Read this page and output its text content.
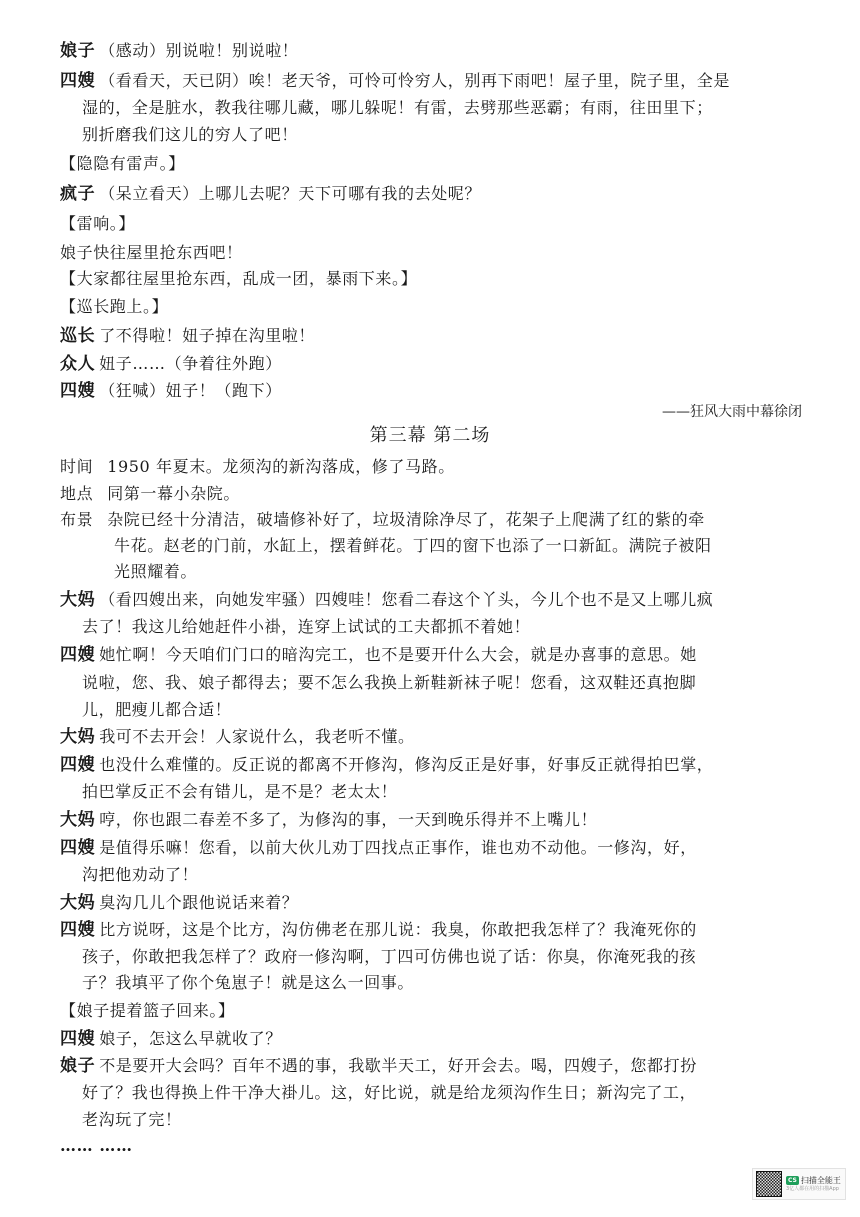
娘子 （感动）别说啦！别说啦！
四嫂 （看看天，天已阴）唉！老天爷，可怜可怜穷人，别再下雨吧！屋子里，院子里，全是
湿的，全是脏水，教我往哪儿藏，哪儿躲呢！有雷，去劈那些恶霸；有雨，往田里下；
别折磨我们这儿的穷人了吧！
【隐隐有雷声。】
疯子 （呆立看天）上哪儿去呢？天下可哪有我的去处呢？
【雷响。】
娘子快往屋里抢东西吧！
【大家都往屋里抢东西，乱成一团，暴雨下来。】
【巡长跑上。】
巡长 了不得啦！妞子掉在沟里啦！
众人 妞子……（争着往外跑）
四嫂 （狂喊）妞子！（跑下）
——狂风大雨中幕徐闭
第三幕 第二场
时间 1950 年夏末。龙须沟的新沟落成，修了马路。
地点 同第一幕小杂院。
布景 杂院已经十分清洁，破墙修补好了，垃圾清除净尽了，花架子上爬满了红的紫的牵
牛花。赵老的门前，水缸上，摆着鲜花。丁四的窗下也添了一口新缸。满院子被阳
光照耀着。
大妈 （看四嫂出来，向她发牢骚）四嫂哇！您看二春这个丫头，今儿个也不是又上哪儿疯
去了！我这儿给她赶件小褂，连穿上试试的工夫都抓不着她！
四嫂 她忙啊！今天咱们门口的暗沟完工，也不是要开什么大会，就是办喜事的意思。她
说啦，您、我、娘子都得去；要不怎么我换上新鞋新袜子呢！您看，这双鞋还真抱脚
儿，肥瘦儿都合适！
大妈 我可不去开会！人家说什么，我老听不懂。
四嫂 也没什么难懂的。反正说的都离不开修沟，修沟反正是好事，好事反正就得拍巴掌，
拍巴掌反正不会有错儿，是不是？老太太！
大妈 哼，你也跟二春差不多了，为修沟的事，一天到晚乐得并不上嘴儿！
四嫂 是值得乐嘛！您看，以前大伙儿劝丁四找点正事作，谁也劝不动他。一修沟，好，
沟把他劝动了！
大妈 臭沟几儿个跟他说话来着？
四嫂 比方说呀，这是个比方，沟仿佛老在那儿说：我臭，你敢把我怎样了？我淹死你的
孩子，你敢把我怎样了？政府一修沟啊，丁四可仿佛也说了话：你臭，你淹死我的孩
子？我填平了你个兔崽子！就是这么一回事。
【娘子提着篮子回来。】
四嫂 娘子，怎这么早就收了？
娘子 不是要开大会吗？百年不遇的事，我歇半天工，好开会去。喝，四嫂子，您都打扮
好了？我也得换上件干净大褂儿。这，好比说，就是给龙须沟作生日；新沟完了工，
老沟玩了完！
…… ……
CS 扫描全能王
3亿人都在用的扫描App
